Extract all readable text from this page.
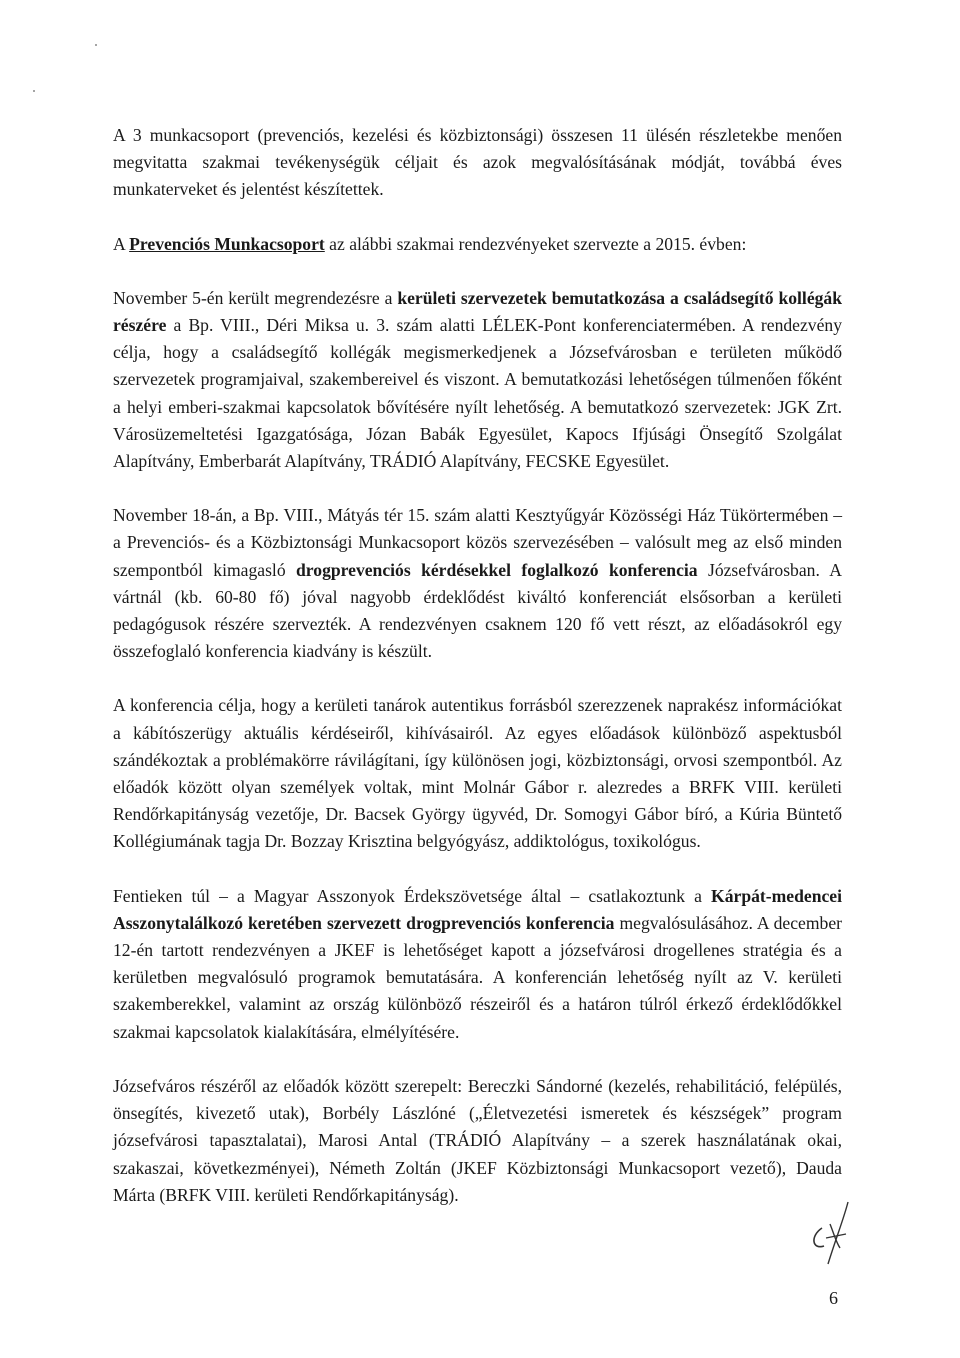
A 3 munkacsoport (prevenciós, kezelési és közbiztonsági) összesen 11 ülésén részletekbe menően megvitatta szakmai tevékenységük céljait és azok megvalósításának módját, továbbá éves munkaterveket és jelentést készítettek.

A Prevenciós Munkacsoport az alábbi szakmai rendezvényeket szervezte a 2015. évben:

November 5-én került megrendezésre a kerületi szervezetek bemutatkozása a családsegítő kollégák részére a Bp. VIII., Déri Miksa u. 3. szám alatti LÉLEK-Pont konferenciatermében. A rendezvény célja, hogy a családsegítő kollégák megismerkedjenek a Józsefvárosban e területen működő szervezetek programjaival, szakembereivel és viszont. A bemutatkozási lehetőségen túlmenően főként a helyi emberi-szakmai kapcsolatok bővítésére nyílt lehetőség. A bemutatkozó szervezetek: JGK Zrt. Városüzemeltetési Igazgatósága, Józan Babák Egyesület, Kapocs Ifjúsági Önsegítő Szolgálat Alapítvány, Emberbarát Alapítvány, TRÁDIÓ Alapítvány, FECSKE Egyesület.

November 18-án, a Bp. VIII., Mátyás tér 15. szám alatti Kesztyűgyár Közösségi Ház Tükörtermében – a Prevenciós- és a Közbiztonsági Munkacsoport közös szervezésében – valósult meg az első minden szempontból kimagasló drogprevenciós kérdésekkel foglalkozó konferencia Józsefvárosban. A vártnál (kb. 60-80 fő) jóval nagyobb érdeklődést kiváltó konferenciát elsősorban a kerületi pedagógusok részére szervezték. A rendezvényen csaknem 120 fő vett részt, az előadásokról egy összefoglaló konferencia kiadvány is készült.

A konferencia célja, hogy a kerületi tanárok autentikus forrásból szerezzenek naprakész információkat a kábítószerügy aktuális kérdéseiről, kihívásairól. Az egyes előadások különböző aspektusból szándékoztak a problémakörre rávilágítani, így különösen jogi, közbiztonsági, orvosi szempontból. Az előadók között olyan személyek voltak, mint Molnár Gábor r. alezredes a BRFK VIII. kerületi Rendőrkapitányság vezetője, Dr. Bacsek György ügyvéd, Dr. Somogyi Gábor bíró, a Kúria Büntető Kollégiumának tagja Dr. Bozzay Krisztina belgyógyász, addiktológus, toxikológus.

Fentieken túl – a Magyar Asszonyok Érdekszövetsége által – csatlakoztunk a Kárpát-medencei Asszonytalálkozó keretében szervezett drogprevenciós konferencia megvalósulásához. A december 12-én tartott rendezvényen a JKEF is lehetőséget kapott a józsefvárosi drogellenes stratégia és a kerületben megvalósuló programok bemutatására. A konferencián lehetőség nyílt az V. kerületi szakemberekkel, valamint az ország különböző részeiről és a határon túlról érkező érdeklődőkkel szakmai kapcsolatok kialakítására, elmélyítésére.

Józsefváros részéről az előadók között szerepelt: Bereczki Sándorné (kezelés, rehabilitáció, felépülés, önsegítés, kivezető utak), Borbély Lászlóné („Életvezetési ismeretek és készségek” program józsefvárosi tapasztalatai), Marosi Antal (TRÁDIÓ Alapítvány – a szerek használatának okai, szakaszai, következményei), Németh Zoltán (JKEF Közbiztonsági Munkacsoport vezető), Dauda Márta (BRFK VIII. kerületi Rendőrkapitányság).

6
